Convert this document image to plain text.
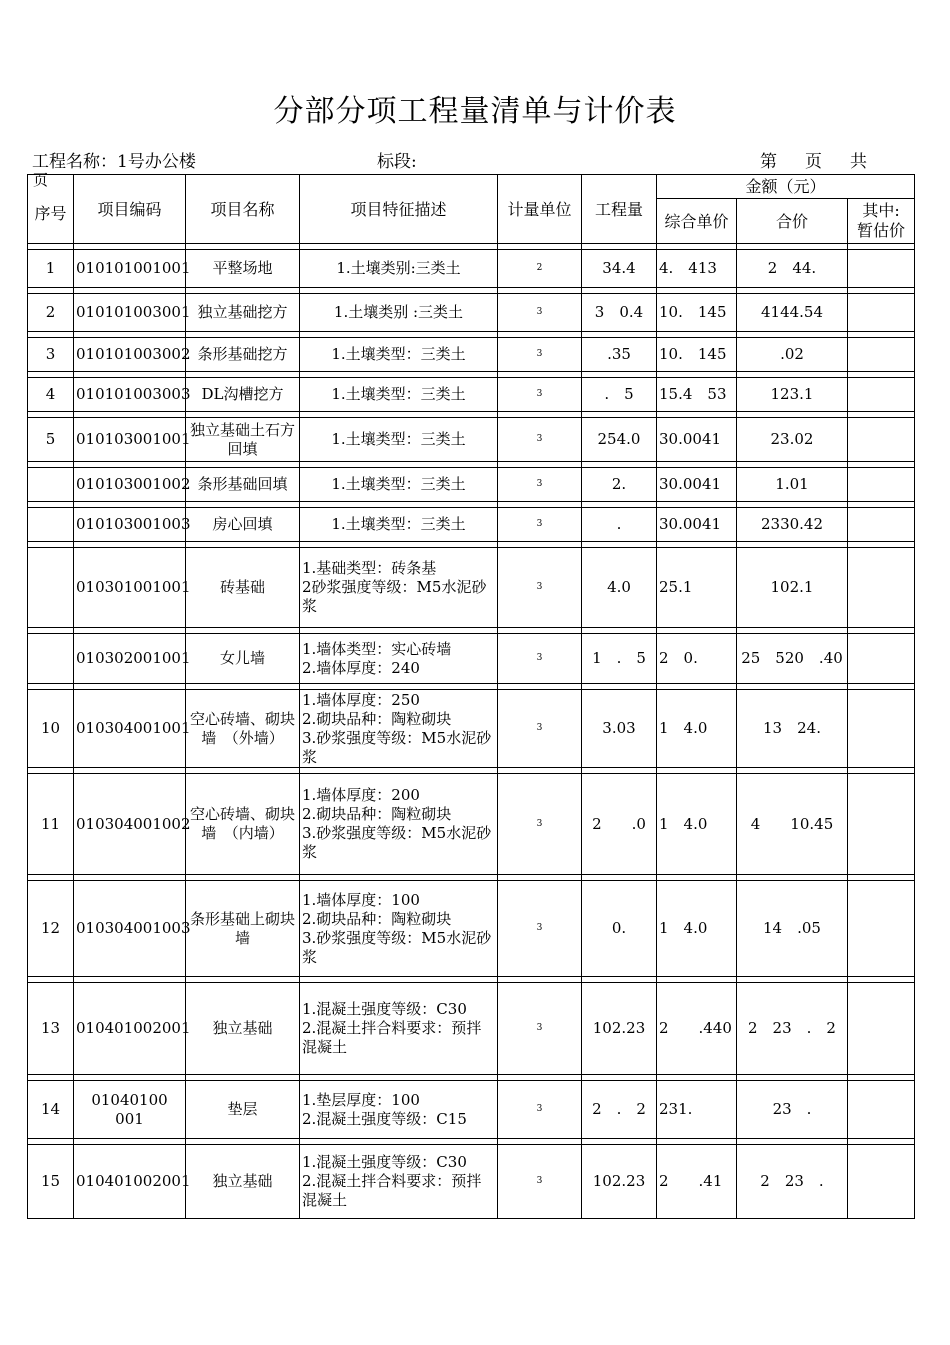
分部分项工程量清单与计价表
工程名称：1号办公楼	标段:	第 页 共
页
序号	项目编码	项目名称	项目特征描述	计量单位	工程量	金额（元）		
						综合单价	合价	其中:
暂估价

1	010101001001	平整场地	1.土壤类别:三类土	2	34.4	4.　413	2　44.	

2	010101003001	独立基础挖方	1.土壤类别 :三类土	3	3　0.4	10.　145	4144.54	

3	010101003002	条形基础挖方	1.土壤类型：三类土	3	.35	10.　145	.02	

4	010101003003	DL沟槽挖方	1.土壤类型：三类土	3	.　5	15.4　53	123.1	

5	010103001001	独立基础土石方　　回填	1.土壤类型：三类土	3	254.0	30.0041	23.02	

	010103001002	条形基础回填	1.土壤类型：三类土	3	2.	30.0041	1.01	

	010103001003	房心回填	1.土壤类型：三类土	3	.	30.0041	2330.42	

	010301001001	砖基础	1.基础类型：砖条基
2砂浆强度等级：M5水泥砂浆	3	4.0	25.1	102.1	

	010302001001	女儿墙	1.墙体类型：实心砖墙
2.墙体厚度：240	3	1　.　5	2　0.	25　520　.40	

10	010304001001	空心砖墙、砌块墙　（外墙）	1.墙体厚度：250
2.砌块品种：陶粒砌块
3.砂浆强度等级：M5水泥砂浆	3	3.03	1　4.0	13　24.	

11	010304001002	空心砖墙、砌块墙　（内墙）	1.墙体厚度：200
2.砌块品种：陶粒砌块
3.砂浆强度等级：M5水泥砂浆	3	2　　.0	1　4.0	4　　10.45	

12	010304001003	条形基础上砌块墙	1.墙体厚度：100
2.砌块品种：陶粒砌块
3.砂浆强度等级：M5水泥砂浆	3	0.	1　4.0	14　.05	

13	010401002001	独立基础	1.混凝土强度等级：C30
2.混凝土拌合料要求：预拌混凝土	3	102.23	2　　.440	2　23　.　2	

14	01040100　001	垫层	1.垫层厚度：100
2.混凝土强度等级：C15	3	2　.　2	231.	23　.	

15	010401002001	独立基础	1.混凝土强度等级：C30
2.混凝土拌合料要求：预拌混凝土	3	102.23	2　　.41	2　23　.	
